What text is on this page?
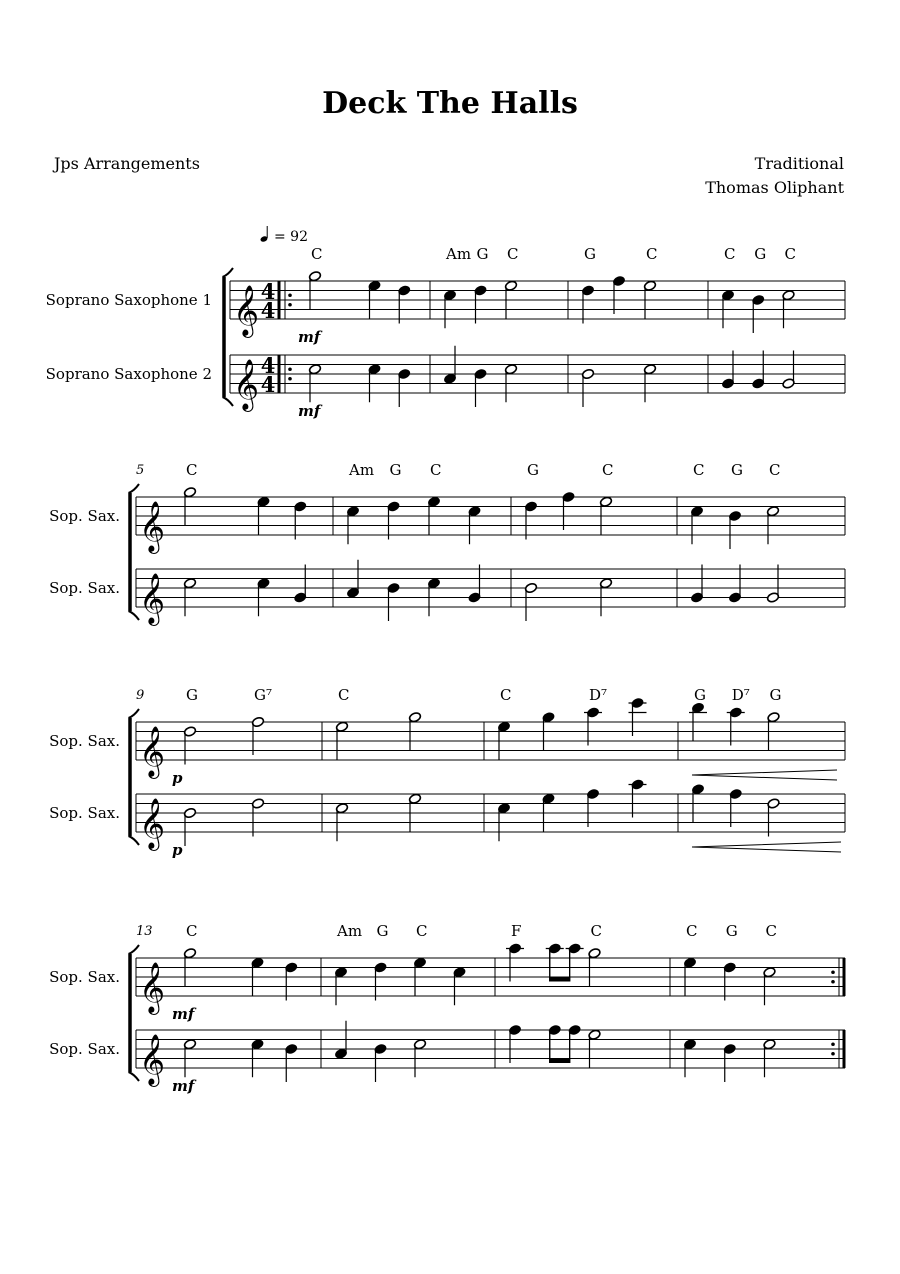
Deck The Halls
Jps Arrangements	Traditional
Thomas Oliphant
= 92
Soprano Saxophone 1
Soprano Saxophone 2
𝄞 4
4
𝄞 4
4
C	Am G C	G	C	C G C
mf
mf
Sop. Sax.
Sop. Sax.
𝄞
𝄞
5	C	Am G C	G	C	C G C
Sop. Sax.
Sop. Sax.
𝄞
𝄞
9	G	G⁷	C	C	D⁷	G D⁷ G
p
p
Sop. Sax.
Sop. Sax.
𝄞
𝄞
13 C	Am G C	F	C	C G C
mf
mf
